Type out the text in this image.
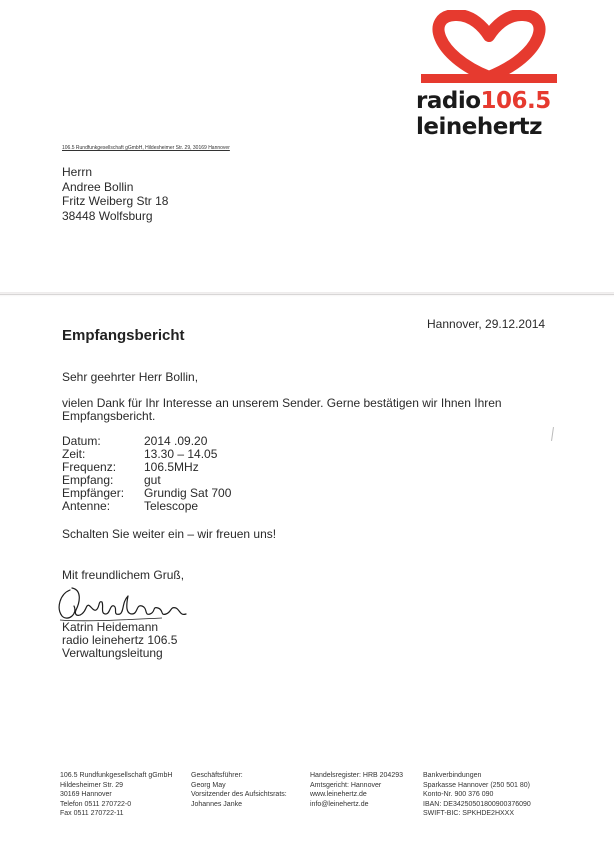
radio106.5
leinehertz
106.5 Rundfunkgesellschaft gGmbH, Hildesheimer Str. 29, 30169 Hannover
Herrn
Andree Bollin
Fritz Weiberg Str 18
38448 Wolfsburg
Hannover, 29.12.2014
Empfangsbericht
Sehr geehrter Herr Bollin,
vielen Dank für Ihr Interesse an unserem Sender. Gerne bestätigen wir Ihnen Ihren
Empfangsbericht.
Datum:	2014 .09.20
Zeit:	13.30 – 14.05
Frequenz: 106.5MHz
Empfang:	gut
Empfänger: Grundig Sat 700
Antenne:	Telescope
Schalten Sie weiter ein – wir freuen uns!
Mit freundlichem Gruß,
Katrin Heidemann
radio leinehertz 106.5
Verwaltungsleitung
106.5 Rundfunkgesellschaft gGmbH
Hildesheimer Str. 29
30169 Hannover
Telefon 0511 270722-0
Fax 0511 270722-11
Geschäftsführer:
Georg May
Vorsitzender des Aufsichtsrats:
Johannes Janke
Handelsregister: HRB 204293
Amtsgericht: Hannover
www.leinehertz.de
info@leinehertz.de
Bankverbindungen
Sparkasse Hannover (250 501 80)
Konto-Nr. 900 376 090
IBAN: DE34250501800900376090
SWIFT-BIC: SPKHDE2HXXX
